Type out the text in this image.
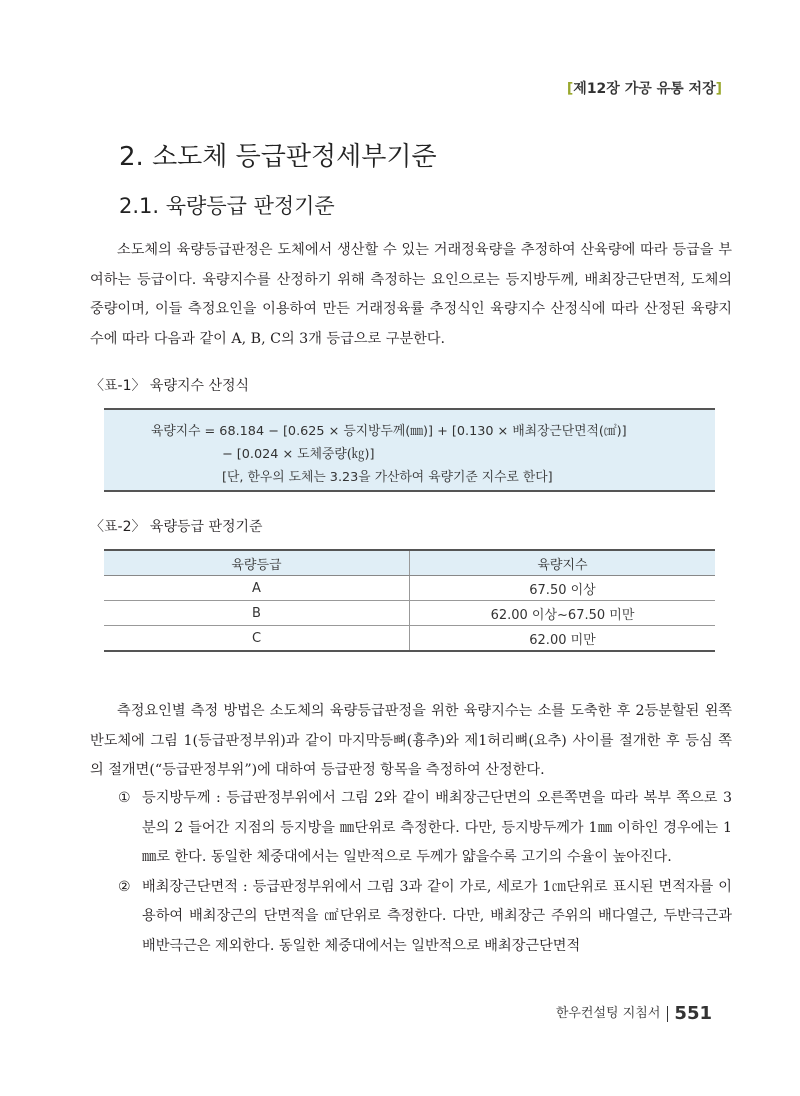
[제12장 가공 유통 저장]
2. 소도체 등급판정세부기준
2.1. 육량등급 판정기준

소도체의 육량등급판정은 도체에서 생산할 수 있는 거래정육량을 추정하여 산육량에 따라 등급을 부여하는 등급이다. 육량지수를 산정하기 위해 측정하는 요인으로는 등지방두께, 배최장근단면적, 도체의 중량이며, 이들 측정요인을 이용하여 만든 거래정육률 추정식인 육량지수 산정식에 따라 산정된 육량지수에 따라 다음과 같이 A, B, C의 3개 등급으로 구분한다.

〈표-1〉 육량지수 산정식
육량지수 = 68.184 − [0.625 × 등지방두께(㎜)] + [0.130 × 배최장근단면적(㎠)]
− [0.024 × 도체중량(㎏)]
[단, 한우의 도체는 3.23을 가산하여 육량기준 지수로 한다]
〈표-2〉 육량등급 판정기준
육량등급	육량지수
A	67.50 이상
B	62.00 이상~67.50 미만
C	62.00 미만

측정요인별 측정 방법은 소도체의 육량등급판정을 위한 육량지수는 소를 도축한 후 2등분할된 왼쪽 반도체에 그림 1(등급판정부위)과 같이 마지막등뼈(흉추)와 제1허리뼈(요추) 사이를 절개한 후 등심 쪽의 절개면(“등급판정부위”)에 대하여 등급판정 항목을 측정하여 산정한다.

① 등지방두께 : 등급판정부위에서 그림 2와 같이 배최장근단면의 오른쪽면을 따라 복부 쪽으로 3분의 2 들어간 지점의 등지방을 ㎜단위로 측정한다. 다만, 등지방두께가 1㎜ 이하인 경우에는 1㎜로 한다. 동일한 체중대에서는 일반적으로 두께가 얇을수록 고기의 수율이 높아진다.
② 배최장근단면적 : 등급판정부위에서 그림 3과 같이 가로, 세로가 1㎝단위로 표시된 면적자를 이용하여 배최장근의 단면적을 ㎠단위로 측정한다. 다만, 배최장근 주위의 배다열근, 두반극근과 배반극근은 제외한다. 동일한 체중대에서는 일반적으로 배최장근단면적
한우컨설팅 지침서 551
